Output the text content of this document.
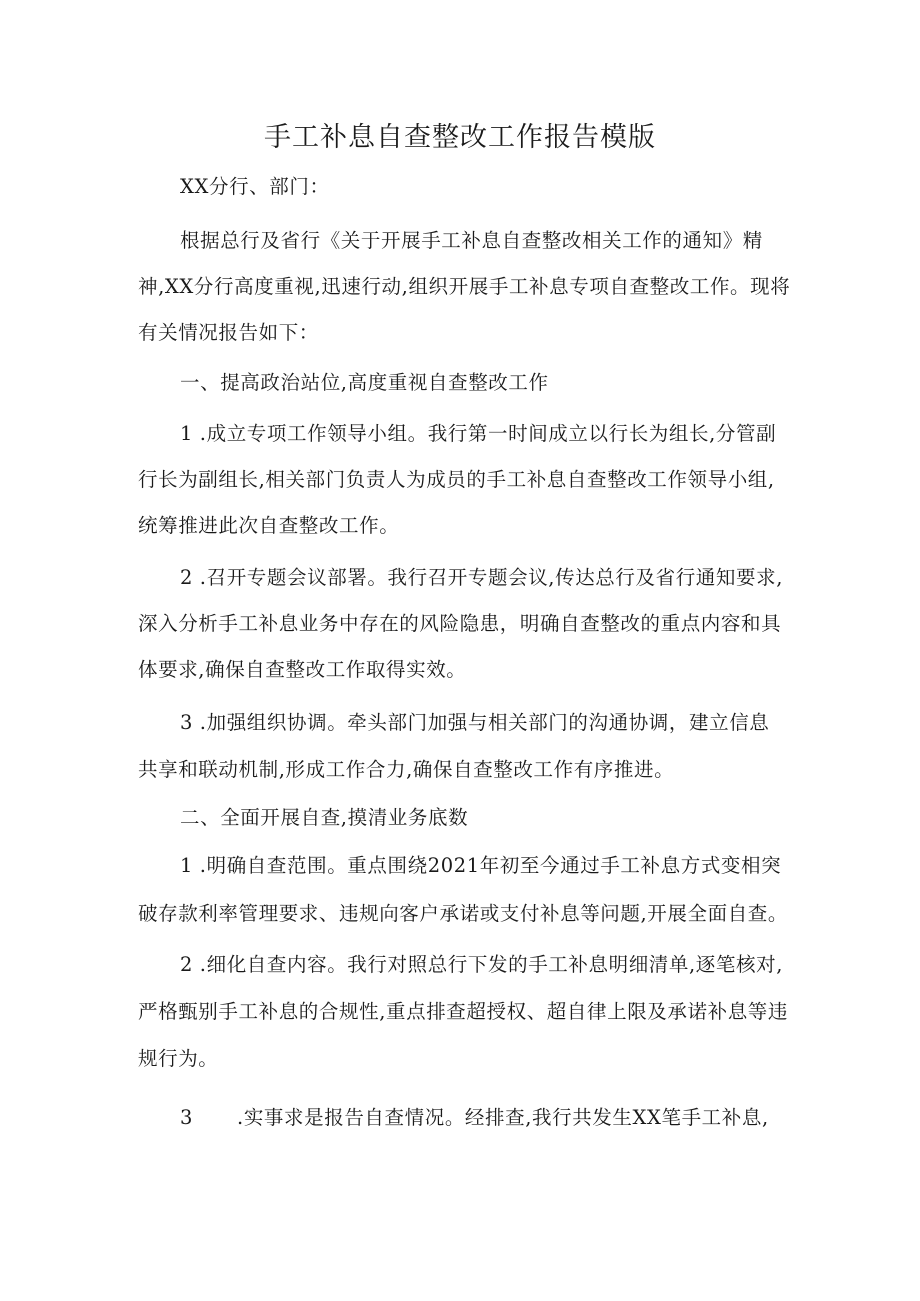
手工补息自查整改工作报告模版
XX分行、部门：
根据总行及省行《关于开展手工补息自查整改相关工作的通知》精
神,XX分行高度重视,迅速行动,组织开展手工补息专项自查整改工作。现将
有关情况报告如下：
一、提高政治站位,高度重视自查整改工作
1 .成立专项工作领导小组。我行第一时间成立以行长为组长,分管副
行长为副组长,相关部门负责人为成员的手工补息自查整改工作领导小组,
统筹推进此次自查整改工作。
2 .召开专题会议部署。我行召开专题会议,传达总行及省行通知要求,
深入分析手工补息业务中存在的风险隐患，明确自查整改的重点内容和具
体要求,确保自查整改工作取得实效。
3 .加强组织协调。牵头部门加强与相关部门的沟通协调，建立信息
共享和联动机制,形成工作合力,确保自查整改工作有序推进。
二、全面开展自查,摸清业务底数
1 .明确自查范围。重点围绕2021年初至今通过手工补息方式变相突
破存款利率管理要求、违规向客户承诺或支付补息等问题,开展全面自查。
2 .细化自查内容。我行对照总行下发的手工补息明细清单,逐笔核对,
严格甄别手工补息的合规性,重点排查超授权、超自律上限及承诺补息等违
规行为。
3 .实事求是报告自查情况。经排查,我行共发生XX笔手工补息,
